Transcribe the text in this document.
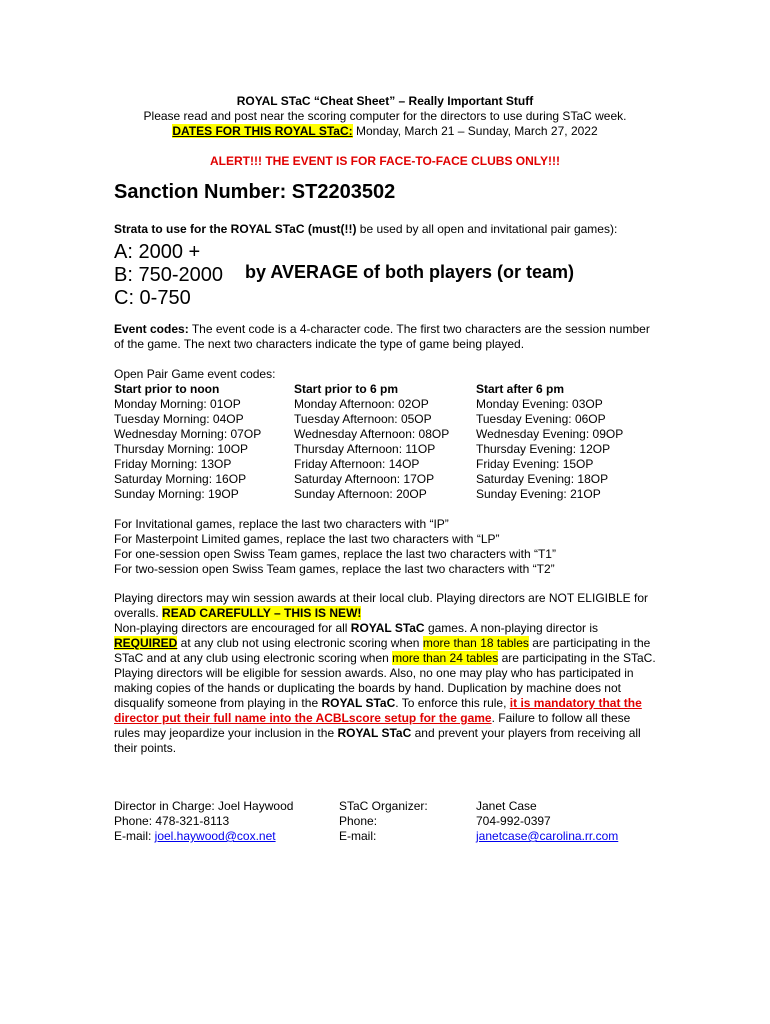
ROYAL STaC “Cheat Sheet” – Really Important Stuff
Please read and post near the scoring computer for the directors to use during STaC week.
DATES FOR THIS ROYAL STaC: Monday, March 21 – Sunday, March 27, 2022
ALERT!!! THE EVENT IS FOR FACE-TO-FACE CLUBS ONLY!!!
Sanction Number: ST2203502
Strata to use for the ROYAL STaC (must(!!) be used by all open and invitational pair games):
A: 2000 +
B: 750-2000
C: 0-750
by AVERAGE of both players (or team)
Event codes: The event code is a 4-character code. The first two characters are the session number of the game. The next two characters indicate the type of game being played.
Open Pair Game event codes:
Start prior to noon
Monday Morning: 01OP
Tuesday Morning: 04OP
Wednesday Morning: 07OP
Thursday Morning: 10OP
Friday Morning: 13OP
Saturday Morning: 16OP
Sunday Morning: 19OP
Start prior to 6 pm
Monday Afternoon: 02OP
Tuesday Afternoon: 05OP
Wednesday Afternoon: 08OP
Thursday Afternoon: 11OP
Friday Afternoon: 14OP
Saturday Afternoon: 17OP
Sunday Afternoon: 20OP
Start after 6 pm
Monday Evening: 03OP
Tuesday Evening: 06OP
Wednesday Evening: 09OP
Thursday Evening: 12OP
Friday Evening: 15OP
Saturday Evening: 18OP
Sunday Evening: 21OP
For Invitational games, replace the last two characters with “IP”
For Masterpoint Limited games, replace the last two characters with “LP”
For one-session open Swiss Team games, replace the last two characters with “T1”
For two-session open Swiss Team games, replace the last two characters with “T2”
Playing directors may win session awards at their local club. Playing directors are NOT ELIGIBLE for overalls. READ CAREFULLY – THIS IS NEW!
Non-playing directors are encouraged for all ROYAL STaC games. A non-playing director is REQUIRED at any club not using electronic scoring when more than 18 tables are participating in the STaC and at any club using electronic scoring when more than 24 tables are participating in the STaC. Playing directors will be eligible for session awards. Also, no one may play who has participated in making copies of the hands or duplicating the boards by hand. Duplication by machine does not disqualify someone from playing in the ROYAL STaC. To enforce this rule, it is mandatory that the director put their full name into the ACBLscore setup for the game. Failure to follow all these rules may jeopardize your inclusion in the ROYAL STaC and prevent your players from receiving all their points.
Director in Charge: Joel Haywood
Phone: 478-321-8113
E-mail: joel.haywood@cox.net
STaC Organizer:
Phone:
E-mail:
Janet Case
704-992-0397
janetcase@carolina.rr.com
